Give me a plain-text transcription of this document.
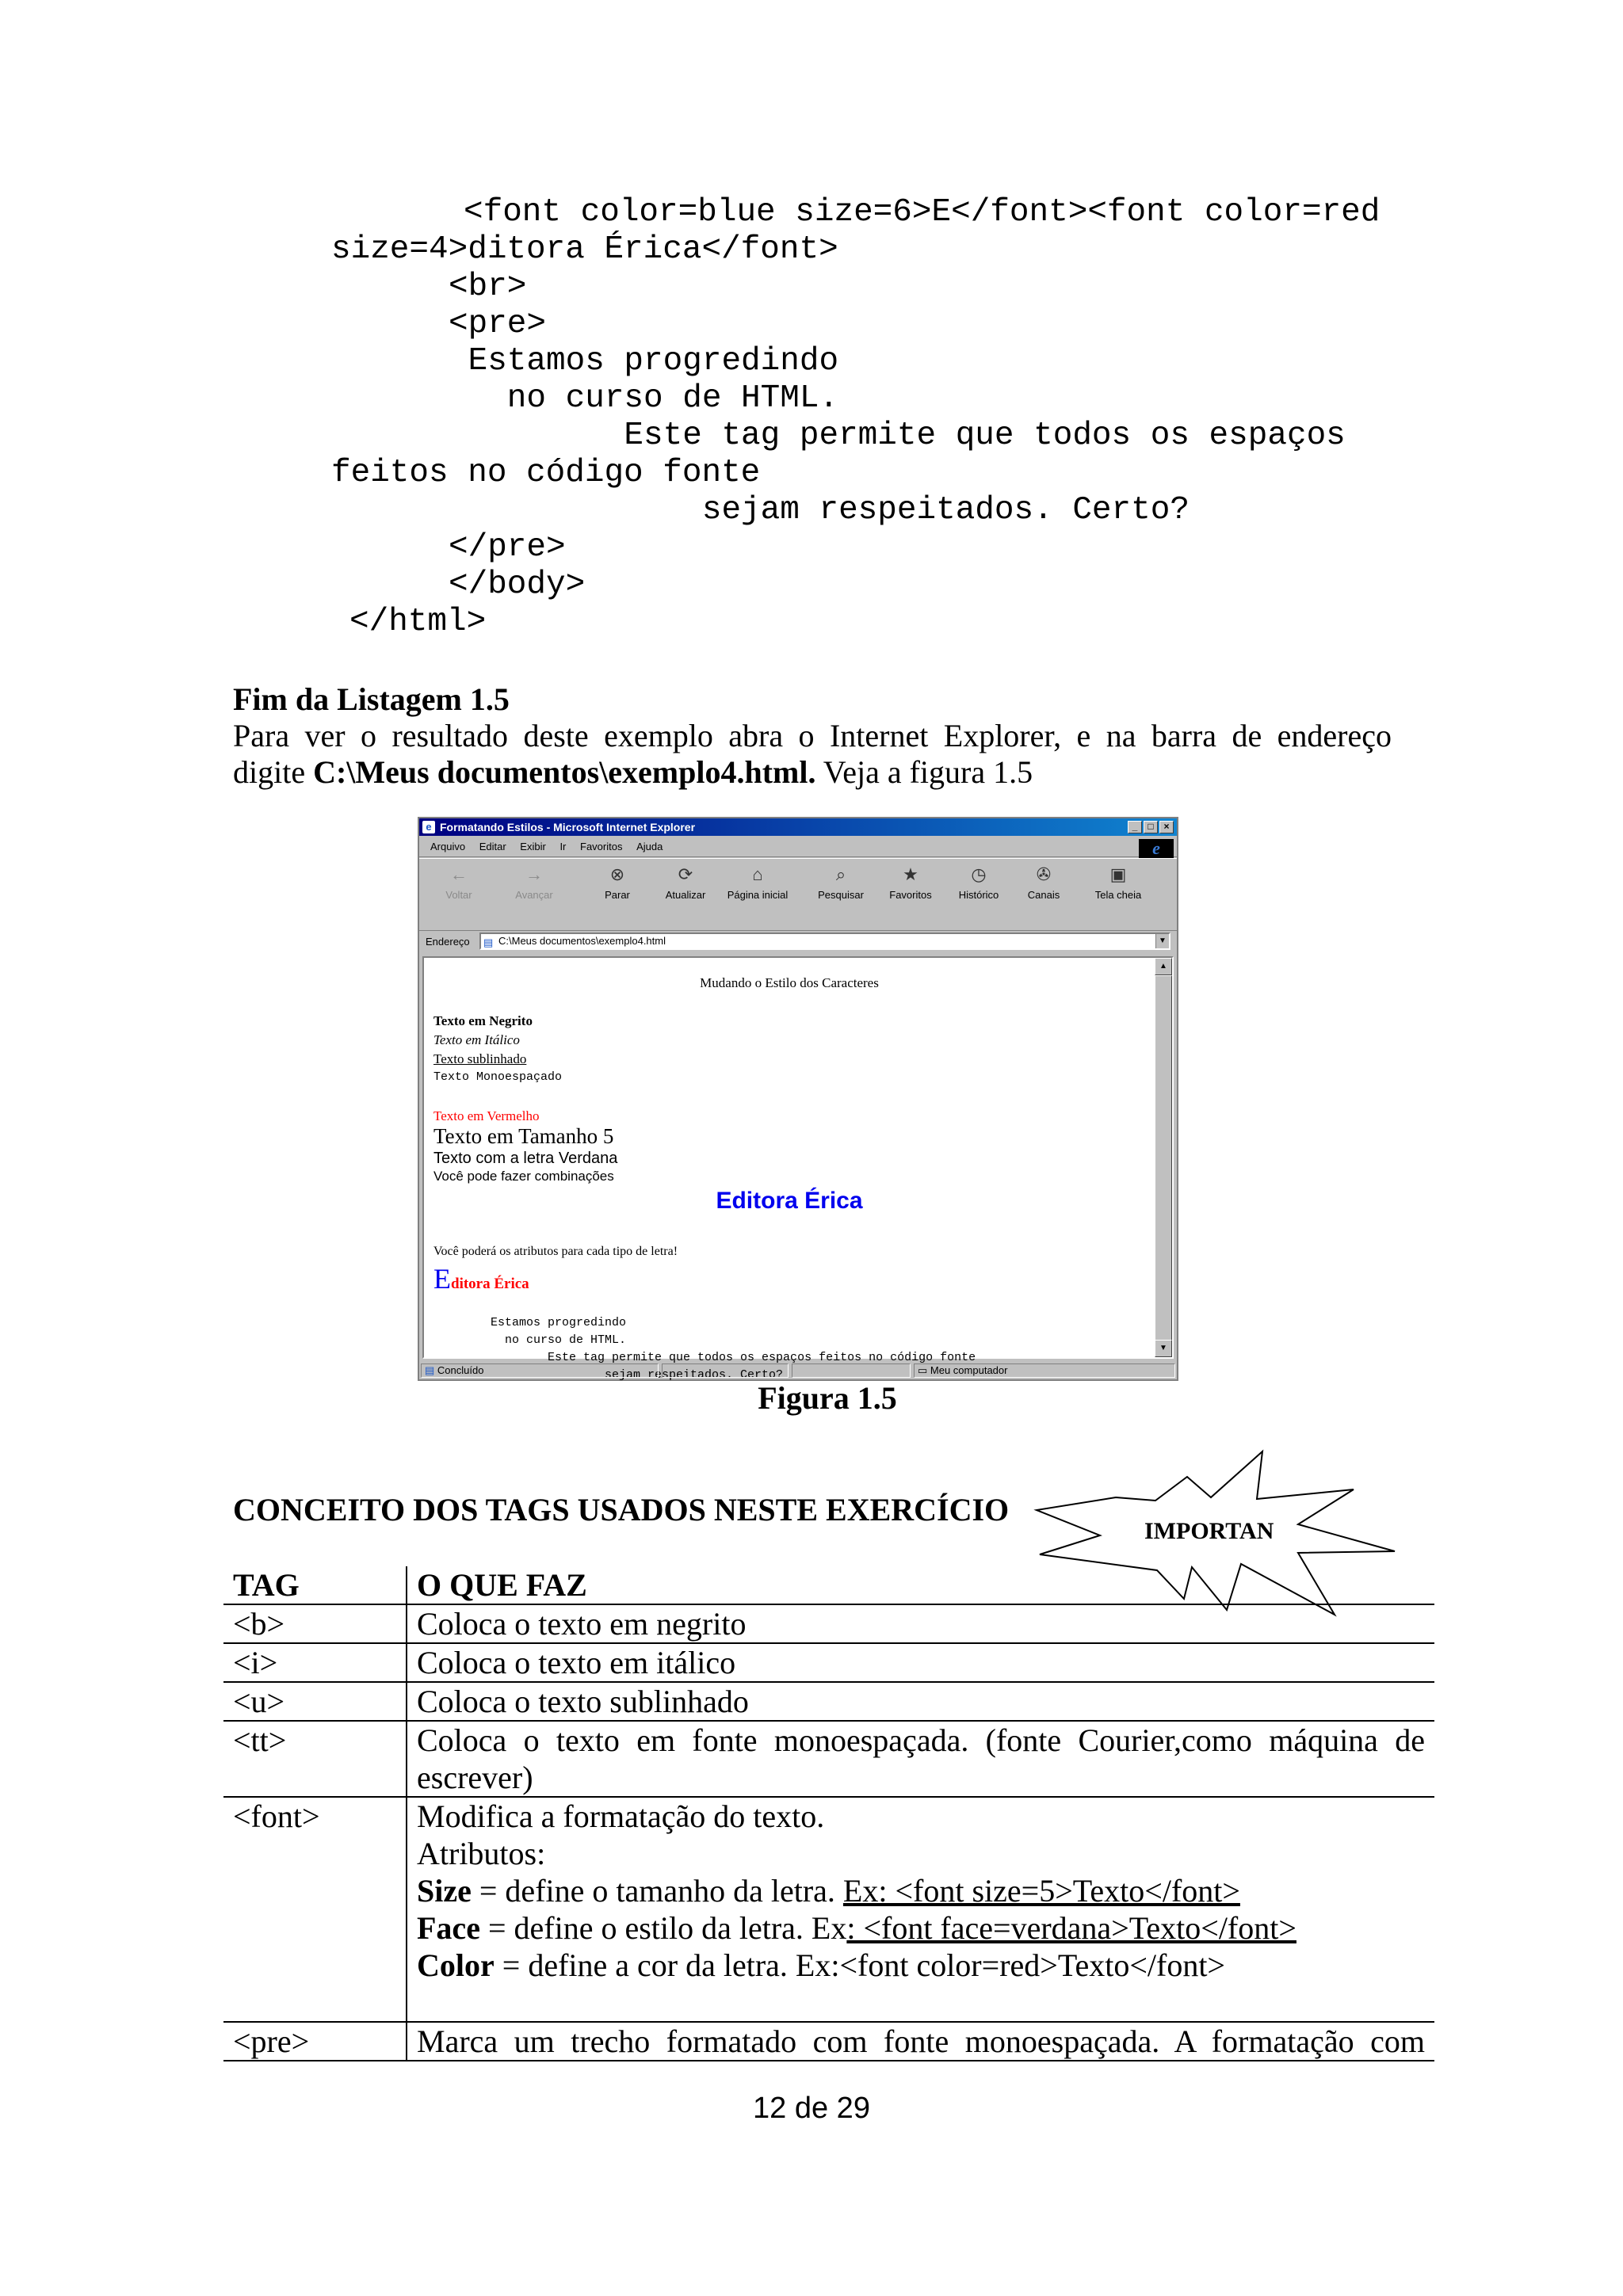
<font color=blue size=6>E</font><font color=red
size=4>ditora Érica</font>
<br>
<pre>
Estamos progredindo
no curso de HTML.
Este tag permite que todos os espaços
feitos no código fonte
sejam respeitados. Certo?
</pre>
</body>
</html>
Fim da Listagem 1.5
Para ver o resultado deste exemplo abra o Internet Explorer, e na barra de endereço
digite C:\Meus documentos\exemplo4.html. Veja a figura 1.5
e Formatando Estilos - Microsoft Internet Explorer	_	□	×
Arquivo Editar Exibir Ir Favoritos Ajuda	e
←
Voltar
→
Avançar
⊗
Parar
⟳
Atualizar
⌂
Página inicial
⌕
Pesquisar
★
Favoritos
◷
Histórico
✇
Canais
▣
Tela cheia
Endereço ▤ C:\Meus documentos\exemplo4.html	▼
Mudando o Estilo dos Caracteres
Texto em Negrito
Texto em Itálico
Texto sublinhado
Texto Monoespaçado
Texto em Vermelho
Texto em Tamanho 5
Texto com a letra Verdana
Você pode fazer combinações
Editora Érica
Você poderá os atributos para cada tipo de letra!
Editora Érica
Estamos progredindo
no curso de HTML.
Este tag permite que todos os espaços feitos no código fonte
sejam respeitados. Certo?
▲
▼
▤ Concluído	▭ Meu computador
Figura 1.5
CONCEITO DOS TAGS USADOS NESTE EXERCÍCIO
IMPORTAN
TAG	O QUE FAZ
<b>	Coloca o texto em negrito
<i>	Coloca o texto em itálico
<u>	Coloca o texto sublinhado
<tt>	Coloca o texto em fonte monoespaçada. (fonte Courier,como máquina de escrever)
<font>	Modifica a formatação do texto.
Atributos:
Size = define o tamanho da letra. Ex: <font size=5>Texto</font>
Face = define o estilo da letra. Ex: <font face=verdana>Texto</font>
Color = define a cor da letra. Ex:<font color=red>Texto</font>

<pre>	Marca um trecho formatado com fonte monoespaçada. A formatação com
12 de 29
